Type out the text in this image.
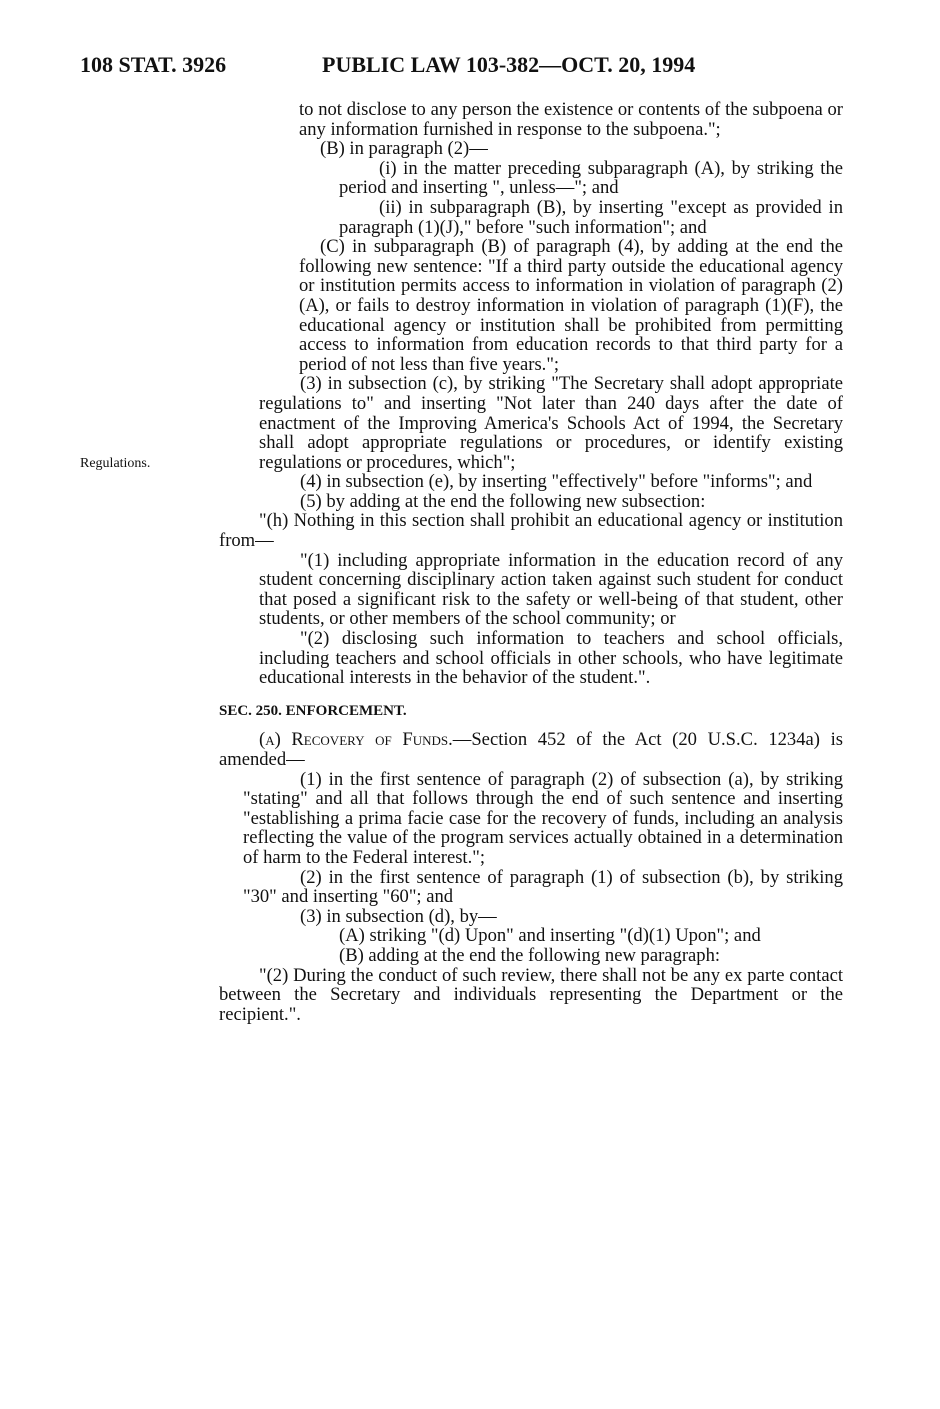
108 STAT. 3926	PUBLIC LAW 103-382—OCT. 20, 1994
Regulations.

to not disclose to any person the existence or contents of the subpoena or any information furnished in response to the subpoena.";

(B) in paragraph (2)—

(i) in the matter preceding subparagraph (A), by striking the period and inserting ", unless—"; and

(ii) in subparagraph (B), by inserting "except as provided in paragraph (1)(J)," before "such information"; and

(C) in subparagraph (B) of paragraph (4), by adding at the end the following new sentence: "If a third party outside the educational agency or institution permits access to information in violation of paragraph (2)(A), or fails to destroy information in violation of paragraph (1)(F), the educational agency or institution shall be prohibited from permitting access to information from education records to that third party for a period of not less than five years.";

(3) in subsection (c), by striking "The Secretary shall adopt appropriate regulations to" and inserting "Not later than 240 days after the date of enactment of the Improving America's Schools Act of 1994, the Secretary shall adopt appropriate regulations or procedures, or identify existing regulations or procedures, which";

(4) in subsection (e), by inserting "effectively" before "informs"; and

(5) by adding at the end the following new subsection:

"(h) Nothing in this section shall prohibit an educational agency or institution from—

"(1) including appropriate information in the education record of any student concerning disciplinary action taken against such student for conduct that posed a significant risk to the safety or well-being of that student, other students, or other members of the school community; or

"(2) disclosing such information to teachers and school officials, including teachers and school officials in other schools, who have legitimate educational interests in the behavior of the student.".

SEC. 250. ENFORCEMENT.

(a) Recovery of Funds.—Section 452 of the Act (20 U.S.C. 1234a) is amended—

(1) in the first sentence of paragraph (2) of subsection (a), by striking "stating" and all that follows through the end of such sentence and inserting "establishing a prima facie case for the recovery of funds, including an analysis reflecting the value of the program services actually obtained in a determination of harm to the Federal interest.";

(2) in the first sentence of paragraph (1) of subsection (b), by striking "30" and inserting "60"; and

(3) in subsection (d), by—

(A) striking "(d) Upon" and inserting "(d)(1) Upon"; and

(B) adding at the end the following new paragraph:

"(2) During the conduct of such review, there shall not be any ex parte contact between the Secretary and individuals representing the Department or the recipient.".
